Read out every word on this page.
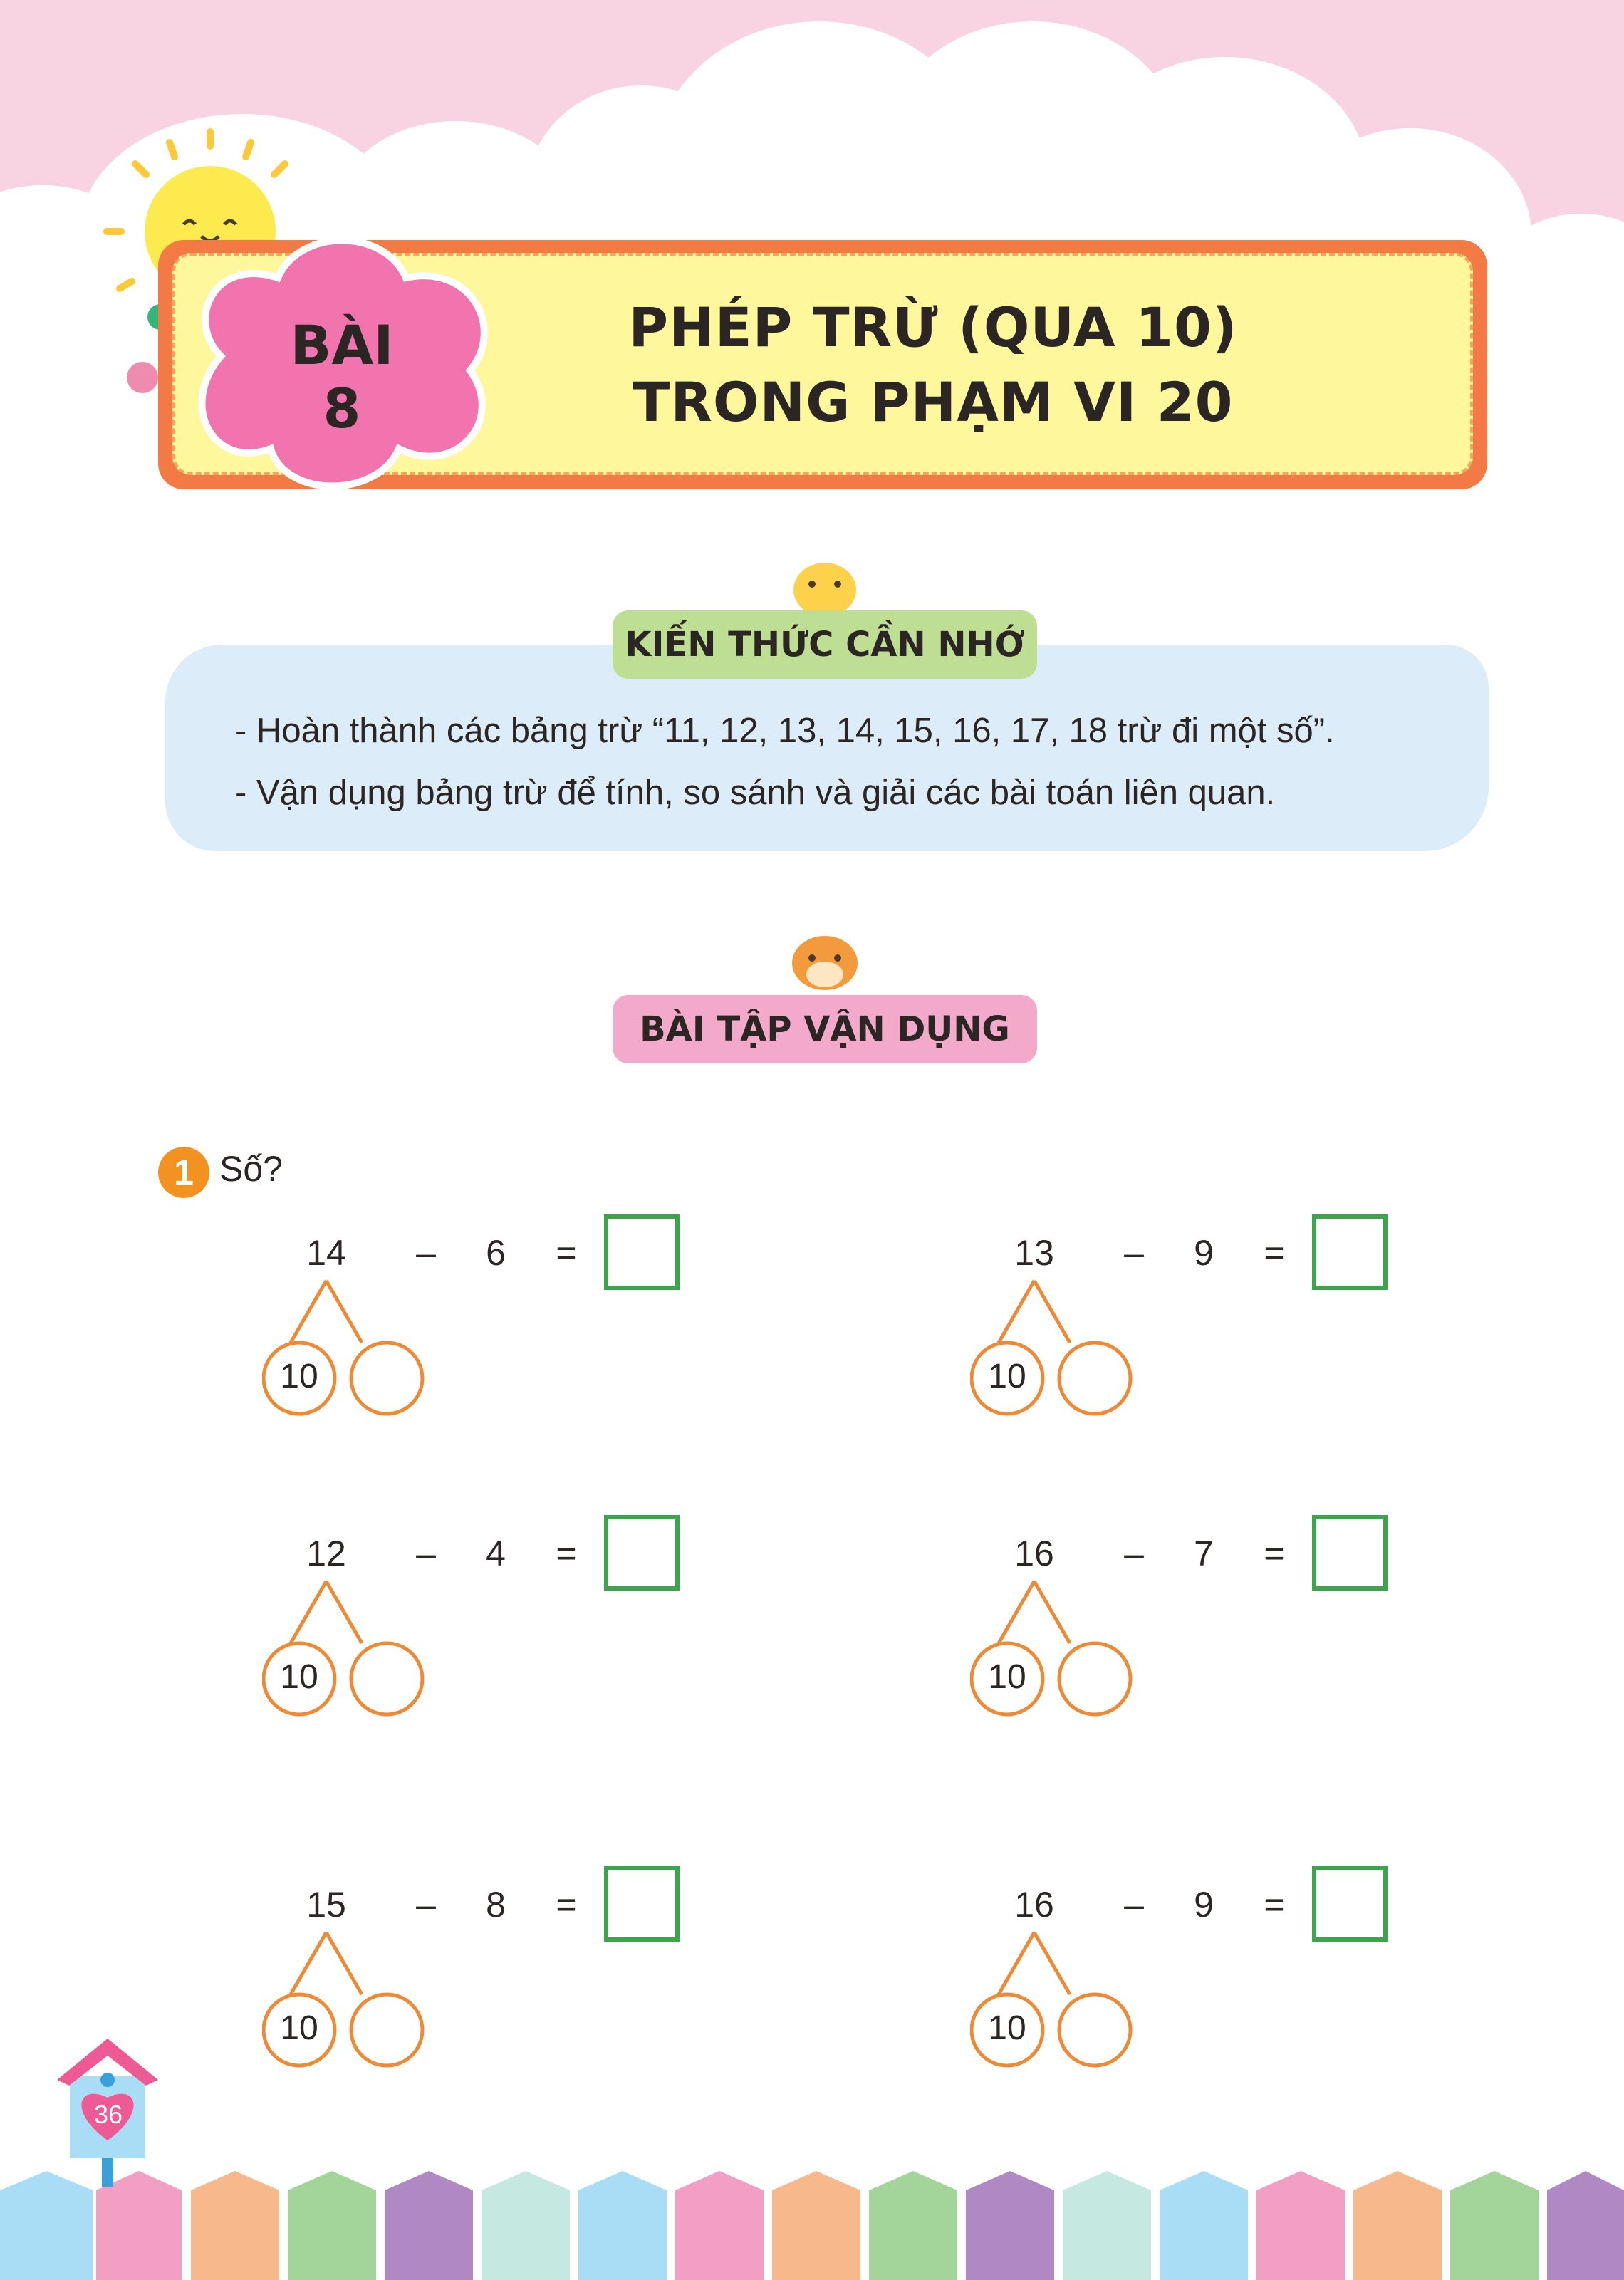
BÀI 8
PHÉP TRỪ (QUA 10)
TRONG PHẠM VI 20
KIẾN THỨC CẦN NHỚ
- Hoàn thành các bảng trừ “11, 12, 13, 14, 15, 16, 17, 18 trừ đi một số”.
- Vận dụng bảng trừ để tính, so sánh và giải các bài toán liên quan.
BÀI TẬP VẬN DỤNG
1 Số?
14	–	6	=
10
13	–	9	=
10
12	–	4	=
10
16	–	7	=
10
15	–	8	=
10
16	–	9	=
10
36
